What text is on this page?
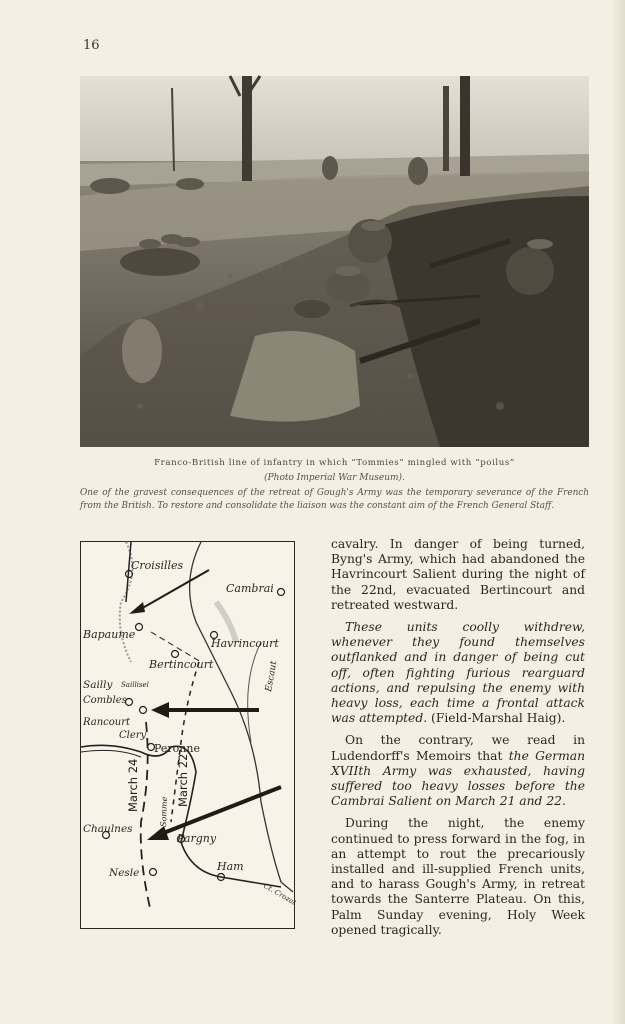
16
Franco-British line of infantry in which “Tommies” mingled with “poilus”
(Photo Imperial War Museum).
One of the gravest consequences of the retreat of Gough's Army was the temporary severance of the French from the British. To restore and consolidate the liaison was the constant aim of the French General Staff.
Croisilles
Cambrai
Bapaume
Havrincourt
Bertincourt
Sailly Saillisel
Combles
Rancourt
Clery
Peronne
Chaulnes
Pargny
Ham
Nesle
Escaut
Somme
Ct. Crozat
March 24	March 22

cavalry. In danger of being turned, Byng's Army, which had abandoned the Havrincourt Salient during the night of the 22nd, evacuated Bertincourt and retreated westward.

These units coolly withdrew, whenever they found themselves outflanked and in danger of being cut off, often fighting furious rearguard actions, and repulsing the enemy with heavy loss, each time a frontal attack was attempted. (Field-Marshal Haig).

On the contrary, we read in Ludendorff's Memoirs that the German XVIIth Army was exhausted, having suffered too heavy losses before the Cambrai Salient on March 21 and 22.

During the night, the enemy continued to press forward in the fog, in an attempt to rout the precariously installed and ill-supplied French units, and to harass Gough's Army, in retreat towards the Santerre Plateau. On this, Palm Sunday evening, Holy Week opened tragically.
